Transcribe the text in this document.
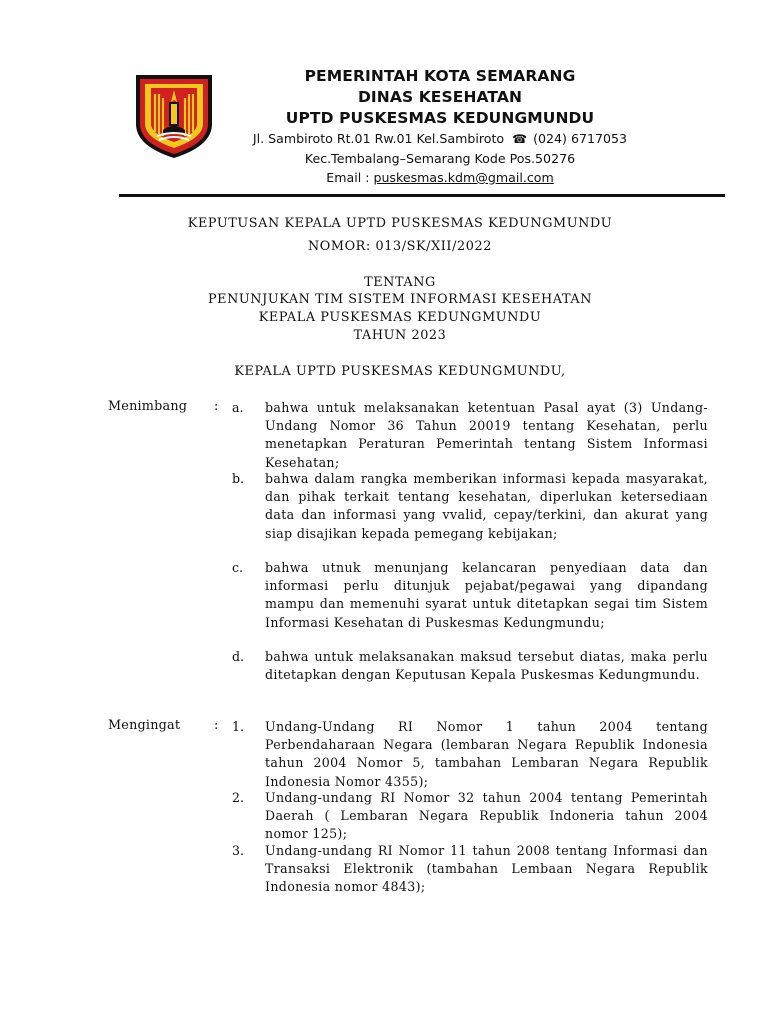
PEMERINTAH KOTA SEMARANG
DINAS KESEHATAN
UPTD PUSKESMAS KEDUNGMUNDU
Jl. Sambiroto Rt.01 Rw.01 Kel.Sambiroto ☎ (024) 6717053
Kec.Tembalang–Semarang Kode Pos.50276
Email : puskesmas.kdm@gmail.com
KEPUTUSAN KEPALA UPTD PUSKESMAS KEDUNGMUNDU
NOMOR: 013/SK/XII/2022
TENTANG
PENUNJUKAN TIM SISTEM INFORMASI KESEHATAN
KEPALA PUSKESMAS KEDUNGMUNDU
TAHUN 2023
KEPALA UPTD PUSKESMAS KEDUNGMUNDU,
Menimbang : a.	bahwa untuk melaksanakan ketentuan Pasal ayat (3) Undang-Undang Nomor 36 Tahun 20019 tentang Kesehatan, perlu menetapkan Peraturan Pemerintah tentang Sistem Informasi Kesehatan;
b.	bahwa dalam rangka memberikan informasi kepada masyarakat, dan pihak terkait tentang kesehatan, diperlukan ketersediaan data dan informasi yang vvalid, cepay/terkini, dan akurat yang siap disajikan kepada pemegang kebijakan;
c.	bahwa utnuk menunjang kelancaran penyediaan data dan informasi perlu ditunjuk pejabat/pegawai yang dipandang mampu dan memenuhi syarat untuk ditetapkan segai tim Sistem Informasi Kesehatan di Puskesmas Kedungmundu;
d.	bahwa untuk melaksanakan maksud tersebut diatas, maka perlu ditetapkan dengan Keputusan Kepala Puskesmas Kedungmundu.
Mengingat	: 1.	Undang-Undang RI Nomor 1 tahun 2004 tentang Perbendaharaan Negara (lembaran Negara Republik Indonesia tahun 2004 Nomor 5, tambahan Lembaran Negara Republik Indonesia Nomor 4355);
2.	Undang-undang RI Nomor 32 tahun 2004 tentang Pemerintah Daerah ( Lembaran Negara Republik Indoneria tahun 2004 nomor 125);
3.	Undang-undang RI Nomor 11 tahun 2008 tentang Informasi dan Transaksi Elektronik (tambahan Lembaan Negara Republik Indonesia nomor 4843);
